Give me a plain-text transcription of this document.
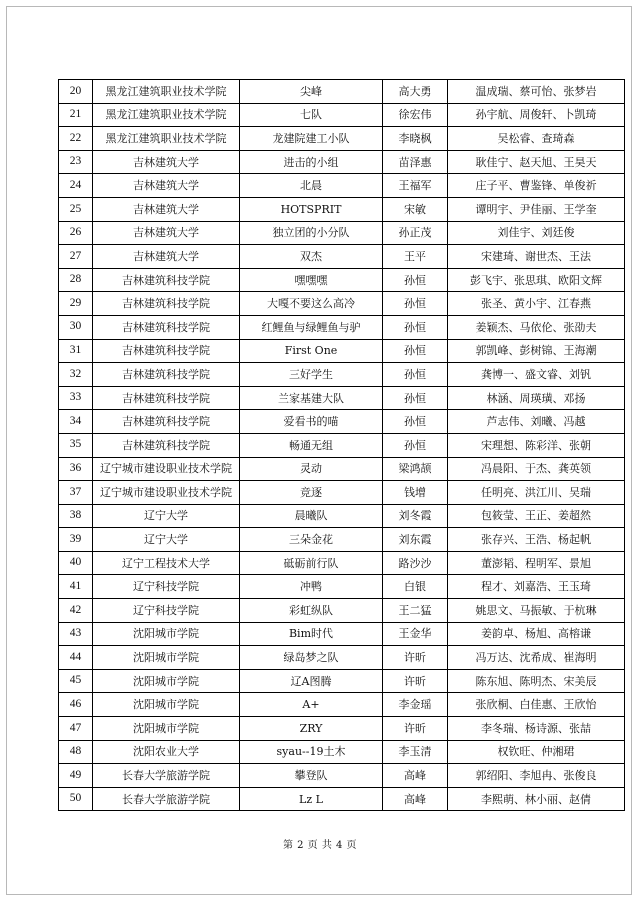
20	黑龙江建筑职业技术学院	尖峰	高大勇	温成瑞、蔡可怡、张梦岩
21	黑龙江建筑职业技术学院	七队	徐宏伟	孙宇航、周俊轩、卜凯琦
22	黑龙江建筑职业技术学院	龙建院建工小队	李晓枫	吴松睿、查琦森
23	吉林建筑大学	进击的小组	苗泽惠	耿佳宁、赵天旭、王昊天
24	吉林建筑大学	北晨	王福军	庄子平、曹鉴锋、单俊祈
25	吉林建筑大学	HOTSPRIT	宋敏	谭明宇、尹佳丽、王学奎
26	吉林建筑大学	独立团的小分队	孙正茂	刘佳宇、刘廷俊
27	吉林建筑大学	双杰	王平	宋建琦、谢世杰、王法
28	吉林建筑科技学院	嘿嘿嘿	孙恒	彭飞宇、张思琪、欧阳文辉
29	吉林建筑科技学院	大嘎不要这么高冷	孙恒	张圣、黄小宇、江春燕
30	吉林建筑科技学院	红鲤鱼与绿鲤鱼与驴	孙恒	姜颖杰、马依伦、张劭夫
31	吉林建筑科技学院	First One	孙恒	郭凯峰、彭树锦、王海潮
32	吉林建筑科技学院	三好学生	孙恒	龚博一、盛文睿、刘钒
33	吉林建筑科技学院	兰家基建大队	孙恒	林涵、周瑛璜、邓扬
34	吉林建筑科技学院	爱看书的喵	孙恒	芦志伟、刘曦、冯越
35	吉林建筑科技学院	畅通无组	孙恒	宋理想、陈彩洋、张朝
36	辽宁城市建设职业技术学院	灵动	梁鸿颉	冯晨阳、于杰、龚英领
37	辽宁城市建设职业技术学院	竞逐	钱增	任明亮、洪江川、吴瑞
38	辽宁大学	晨曦队	刘冬霞	包筱莹、王正、姜超然
39	辽宁大学	三朵金花	刘东霞	张存兴、王浩、杨起帆
40	辽宁工程技术大学	砥砺前行队	路沙沙	董澎韬、程明军、景旭
41	辽宁科技学院	冲鸭	白银	程才、刘嘉浩、王玉琦
42	辽宁科技学院	彩虹纵队	王二猛	姚思文、马振敏、于杭琳
43	沈阳城市学院	Bim时代	王金华	姜韵卓、杨旭、高榕谦
44	沈阳城市学院	绿岛梦之队	许昕	冯万达、沈希成、崔海明
45	沈阳城市学院	辽A图腾	许昕	陈东旭、陈明杰、宋美辰
46	沈阳城市学院	A+	李金瑶	张欣桐、白佳惠、王欣怡
47	沈阳城市学院	ZRY	许昕	李冬瑞、杨诗源、张喆
48	沈阳农业大学	syau--19土木	李玉清	权钦旺、仲湘珺
49	长春大学旅游学院	攀登队	高峰	郭绍阳、李旭冉、张俊良
50	长春大学旅游学院	Lz L	高峰	李熙萌、林小丽、赵倩
第 2 页 共 4 页
